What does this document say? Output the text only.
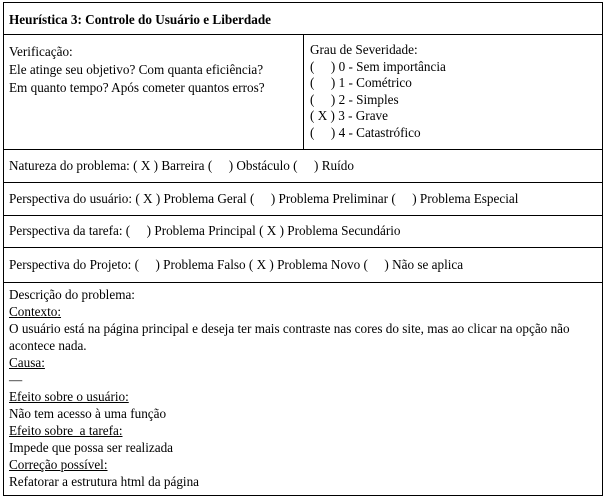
Heurística 3: Controle do Usuário e Liberdade
Verificação:
Ele atinge seu objetivo? Com quanta eficiência?
Em quanto tempo? Após cometer quantos erros?
Grau de Severidade:
(     ) 0 - Sem importância
(     ) 1 - Cométrico
(     ) 2 - Simples
( X ) 3 - Grave
(     ) 4 - Catastrófico
Natureza do problema: ( X ) Barreira (     ) Obstáculo (     ) Ruído
Perspectiva do usuário: ( X ) Problema Geral (     ) Problema Preliminar (     ) Problema Especial
Perspectiva da tarefa: (     ) Problema Principal ( X ) Problema Secundário
Perspectiva do Projeto: (     ) Problema Falso ( X ) Problema Novo (     ) Não se aplica
Descrição do problema:
Contexto:
O usuário está na página principal e deseja ter mais contraste nas cores do site, mas ao clicar na opção não acontece nada.
Causa:
—
Efeito sobre o usuário:
Não tem acesso à uma função
Efeito sobre  a tarefa:
Impede que possa ser realizada
Correção possível:
Refatorar a estrutura html da página
